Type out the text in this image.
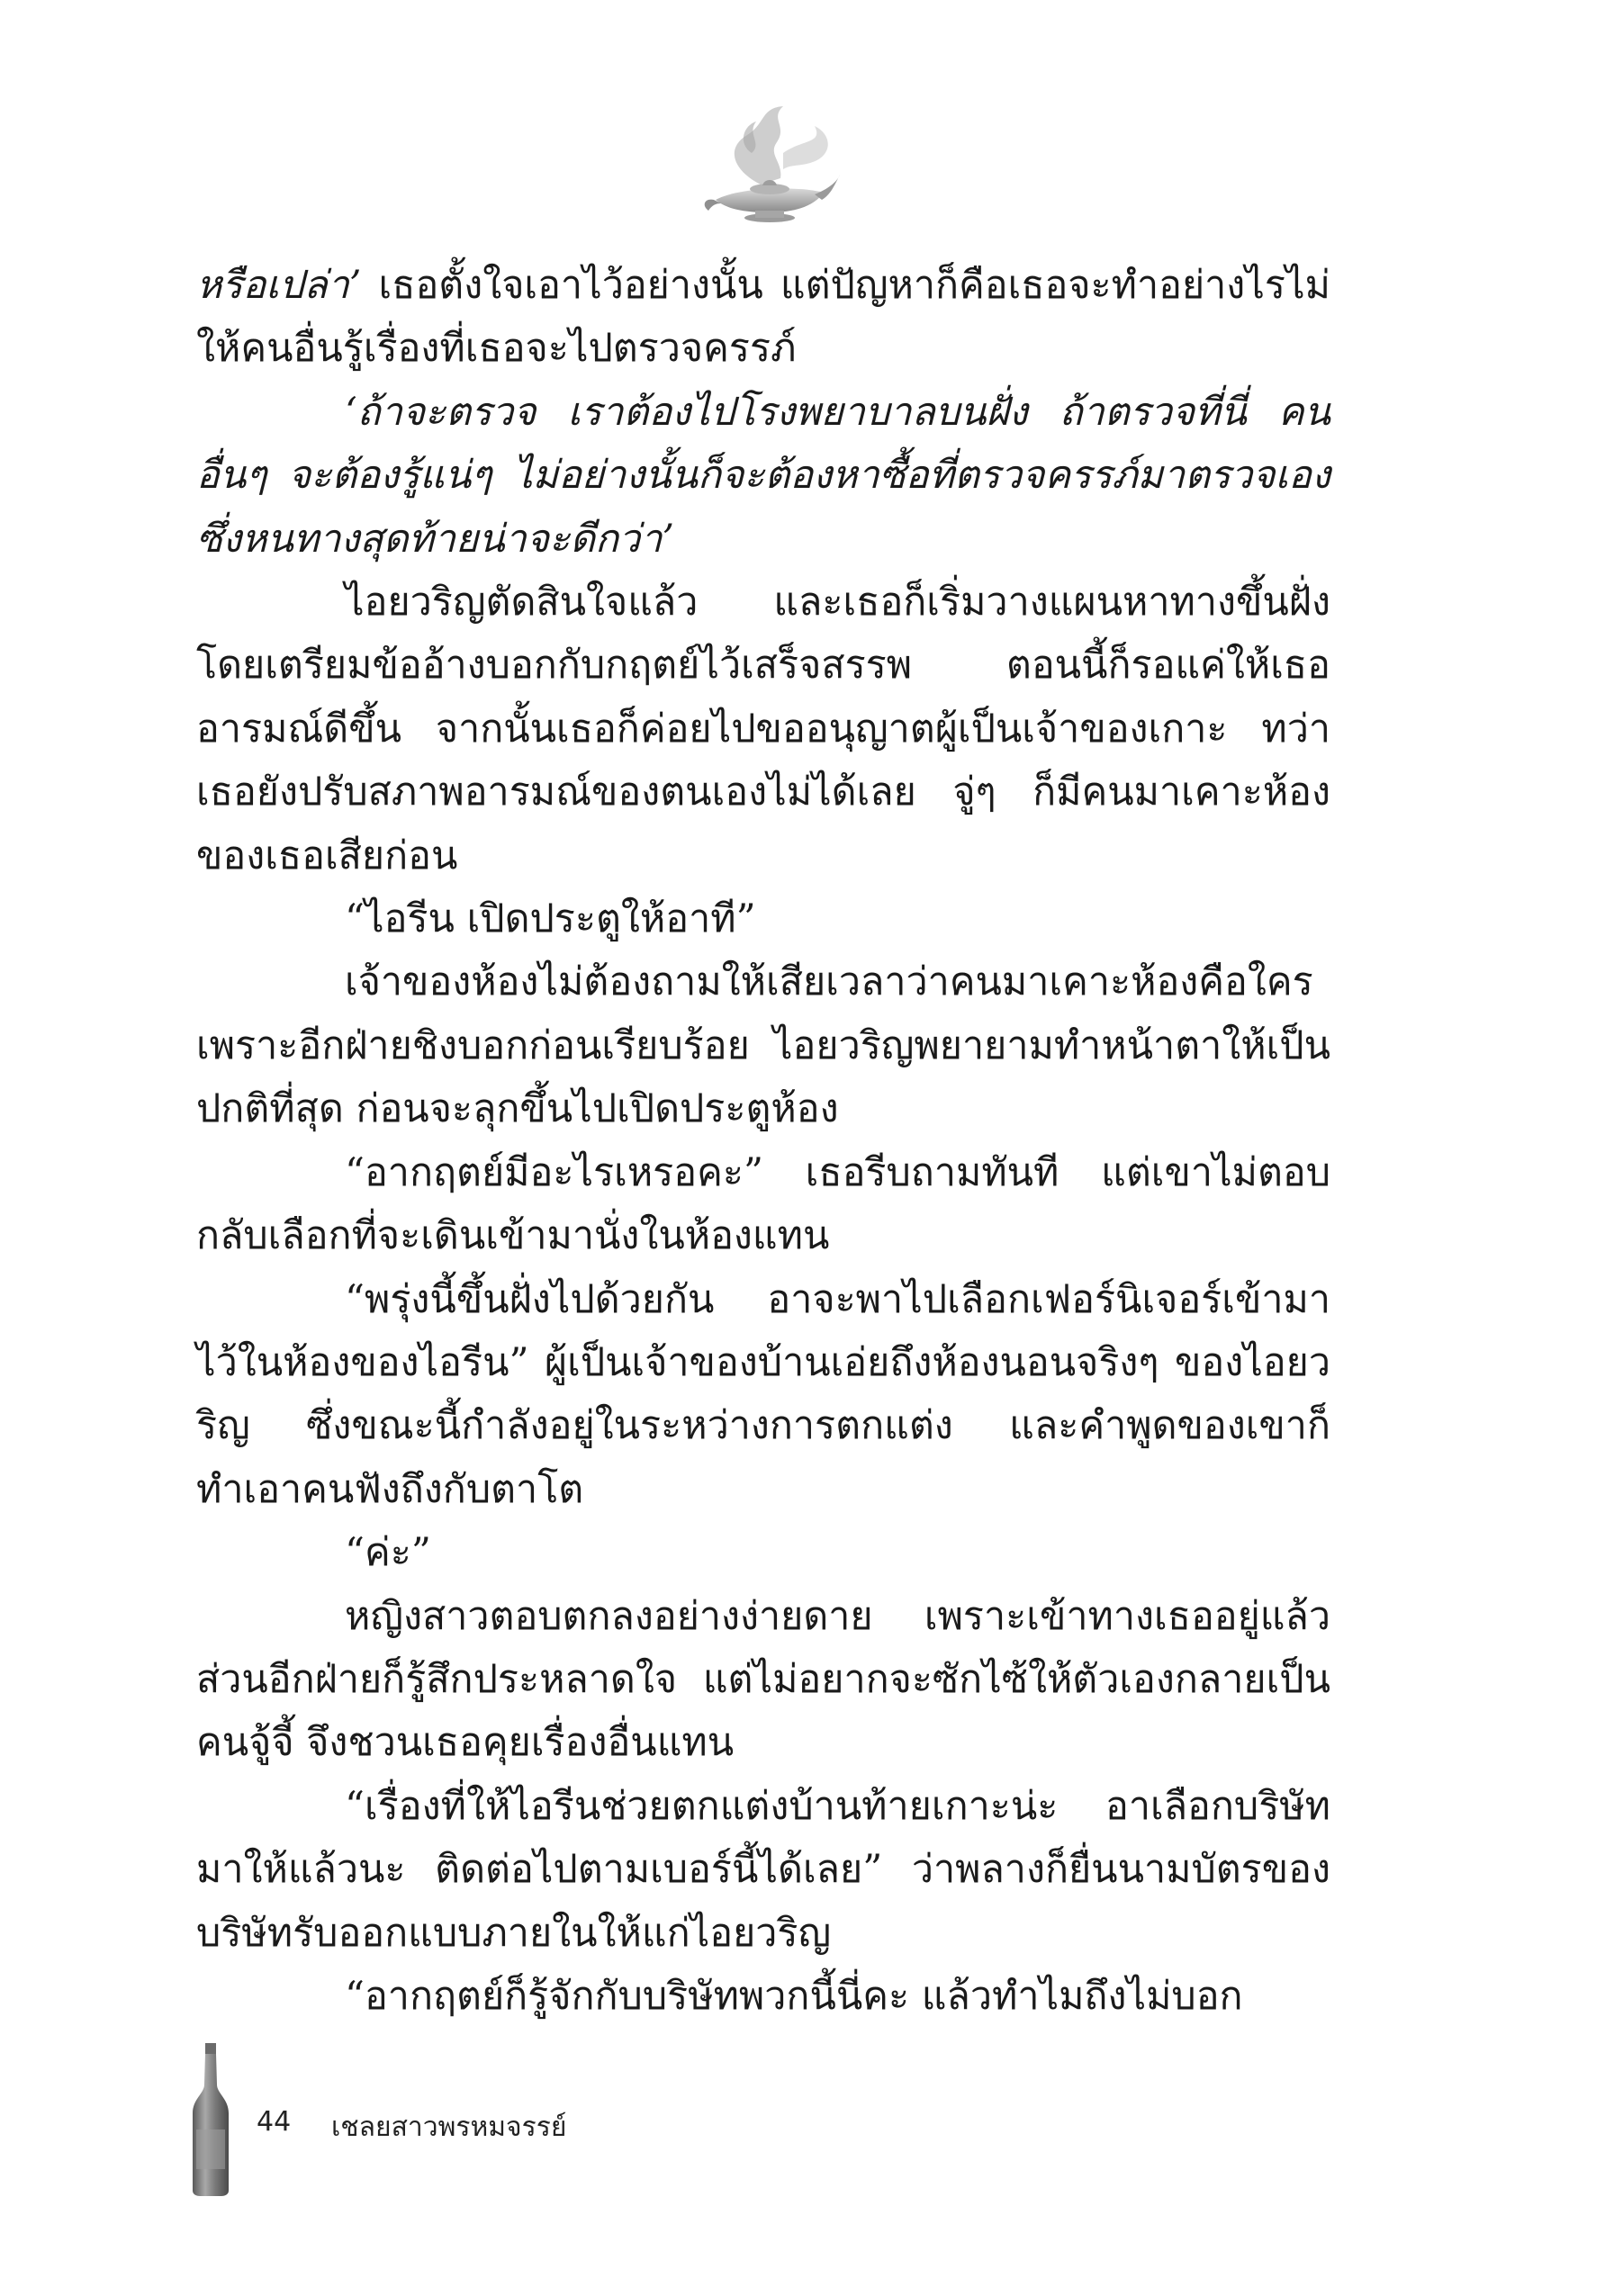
หรือเปล่า’ เธอตั้งใจเอาไว้อย่างนั้น แต่ปัญหาก็คือเธอจะทำอย่างไรไม่ให้คนอื่นรู้เรื่องที่เธอจะไปตรวจครรภ์

‘ถ้าจะตรวจ เราต้องไปโรงพยาบาลบนฝั่ง ถ้าตรวจที่นี่ คนอื่นๆ จะต้องรู้แน่ๆ ไม่อย่างนั้นก็จะต้องหาซื้อที่ตรวจครรภ์มาตรวจเอง ซึ่งหนทางสุดท้ายน่าจะดีกว่า’

ไอยวริญตัดสินใจแล้ว และเธอก็เริ่มวางแผนหาทางขึ้นฝั่ง โดยเตรียมข้ออ้างบอกกับกฤตย์ไว้เสร็จสรรพ ตอนนี้ก็รอแค่ให้เธออารมณ์ดีขึ้น จากนั้นเธอก็ค่อยไปขออนุญาตผู้เป็นเจ้าของเกาะ ทว่าเธอยังปรับสภาพอารมณ์ของตนเองไม่ได้เลย จู่ๆ ก็มีคนมาเคาะห้องของเธอเสียก่อน

“ไอรีน เปิดประตูให้อาที”

เจ้าของห้องไม่ต้องถามให้เสียเวลาว่าคนมาเคาะห้องคือใคร เพราะอีกฝ่ายชิงบอกก่อนเรียบร้อย ไอยวริญพยายามทำหน้าตาให้เป็นปกติที่สุด ก่อนจะลุกขึ้นไปเปิดประตูห้อง

“อากฤตย์มีอะไรเหรอคะ” เธอรีบถามทันที แต่เขาไม่ตอบ กลับเลือกที่จะเดินเข้ามานั่งในห้องแทน

“พรุ่งนี้ขึ้นฝั่งไปด้วยกัน อาจะพาไปเลือกเฟอร์นิเจอร์เข้ามาไว้ในห้องของไอรีน” ผู้เป็นเจ้าของบ้านเอ่ยถึงห้องนอนจริงๆ ของไอยวริญ ซึ่งขณะนี้กำลังอยู่ในระหว่างการตกแต่ง และคำพูดของเขาก็ทำเอาคนฟังถึงกับตาโต

“ค่ะ”

หญิงสาวตอบตกลงอย่างง่ายดาย เพราะเข้าทางเธออยู่แล้ว ส่วนอีกฝ่ายก็รู้สึกประหลาดใจ แต่ไม่อยากจะซักไซ้ให้ตัวเองกลายเป็นคนจู้จี้ จึงชวนเธอคุยเรื่องอื่นแทน

“เรื่องที่ให้ไอรีนช่วยตกแต่งบ้านท้ายเกาะน่ะ อาเลือกบริษัทมาให้แล้วนะ ติดต่อไปตามเบอร์นี้ได้เลย” ว่าพลางก็ยื่นนามบัตรของบริษัทรับออกแบบภายในให้แก่ไอยวริญ

“อากฤตย์ก็รู้จักกับบริษัทพวกนี้นี่คะ แล้วทำไมถึงไม่บอก

44 เชลยสาวพรหมจรรย์
